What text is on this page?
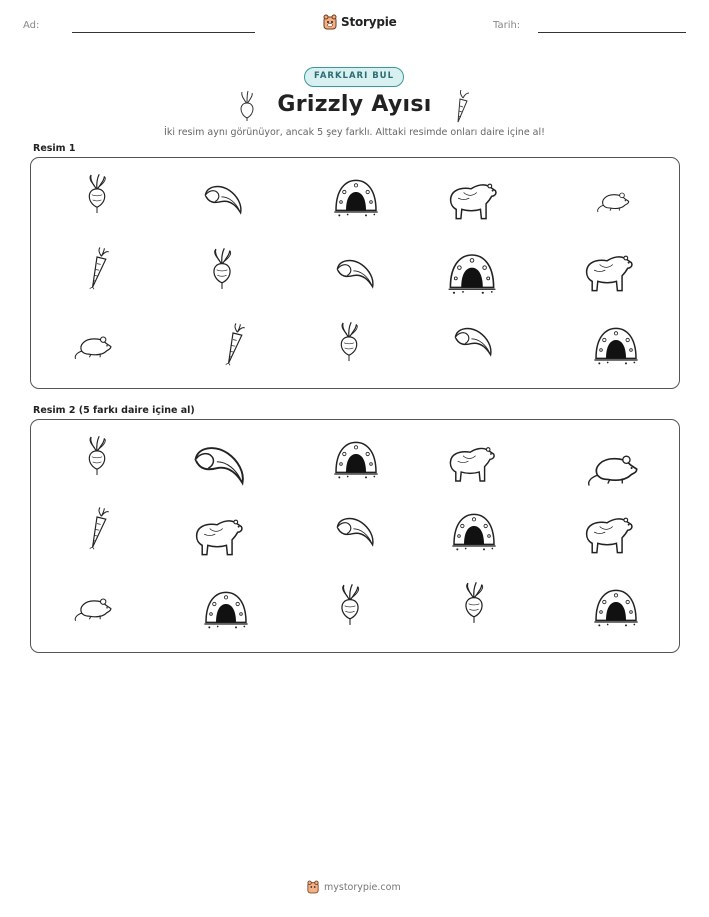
Ad:	Storypie	Tarih:
FARKLARI BUL
Grizzly Ayısı
İki resim aynı görünüyor, ancak 5 şey farklı. Alttaki resimde onları daire içine al!
Resim 1
Resim 2 (5 farkı daire içine al)
mystorypie.com
